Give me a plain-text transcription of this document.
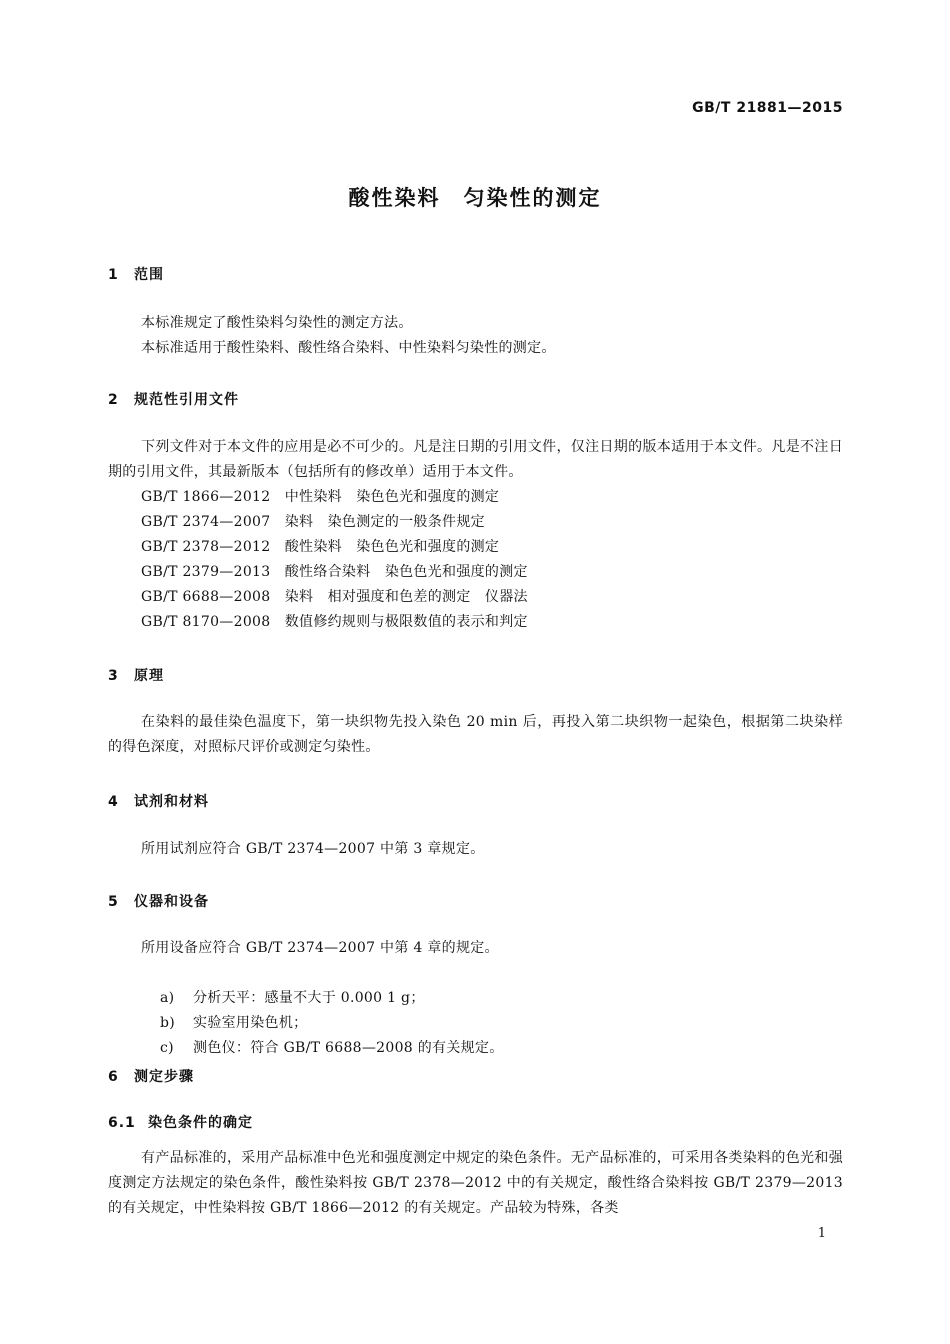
GB/T 21881—2015
酸性染料　匀染性的测定
1 范围
本标准规定了酸性染料匀染性的测定方法。
本标准适用于酸性染料、酸性络合染料、中性染料匀染性的测定。
2 规范性引用文件
下列文件对于本文件的应用是必不可少的。凡是注日期的引用文件，仅注日期的版本适用于本文件。凡是不注日期的引用文件，其最新版本（包括所有的修改单）适用于本文件。
GB/T 1866—2012　中性染料　染色色光和强度的测定
GB/T 2374—2007　染料　染色测定的一般条件规定
GB/T 2378—2012　酸性染料　染色色光和强度的测定
GB/T 2379—2013　酸性络合染料　染色色光和强度的测定
GB/T 6688—2008　染料　相对强度和色差的测定　仪器法
GB/T 8170—2008　数值修约规则与极限数值的表示和判定
3 原理
在染料的最佳染色温度下，第一块织物先投入染色 20 min 后，再投入第二块织物一起染色，根据第二块染样的得色深度，对照标尺评价或测定匀染性。
4 试剂和材料
所用试剂应符合 GB/T 2374—2007 中第 3 章规定。
5 仪器和设备
所用设备应符合 GB/T 2374—2007 中第 4 章的规定。

a) 分析天平：感量不大于 0.000 1 g；

b) 实验室用染色机；

c) 测色仪：符合 GB/T 6688—2008 的有关规定。

6 测定步骤
6.1 染色条件的确定
有产品标准的，采用产品标准中色光和强度测定中规定的染色条件。无产品标准的，可采用各类染料的色光和强度测定方法规定的染色条件，酸性染料按 GB/T 2378—2012 中的有关规定，酸性络合染料按 GB/T 2379—2013 的有关规定，中性染料按 GB/T 1866—2012 的有关规定。产品较为特殊，各类
1
